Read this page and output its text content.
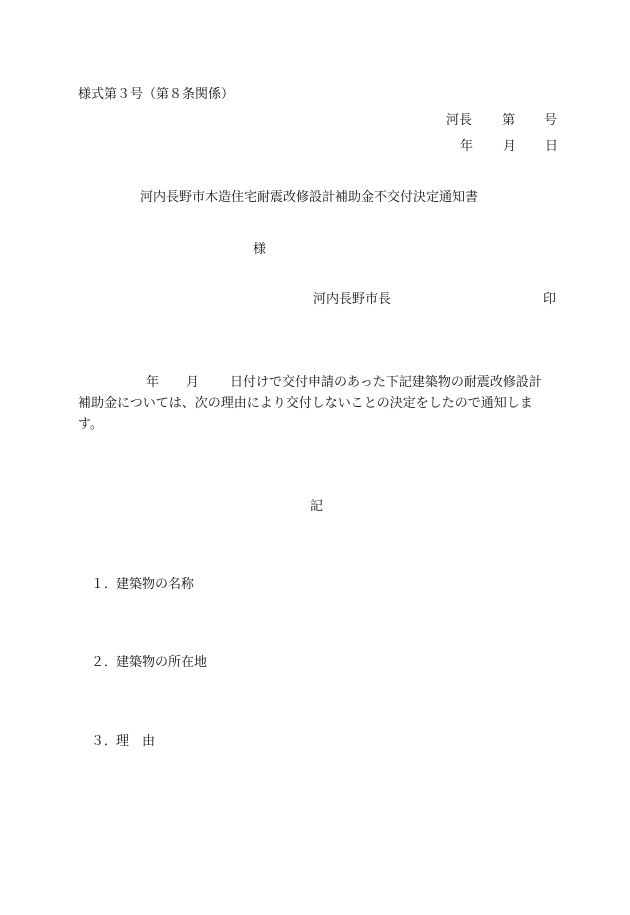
様式第３号（第８条関係）
河長 第 号
年 月 日
河内長野市木造住宅耐震改修設計補助金不交付決定通知書
様
河内長野市長	印

年

月

日付けで交付申請のあった下記建築物の耐震改修設計

補助金については、次の理由により交付しないことの決定をしたので通知しま
す。
記

１．

建築物の名称

２．

建築物の所在地

３．

理　由
